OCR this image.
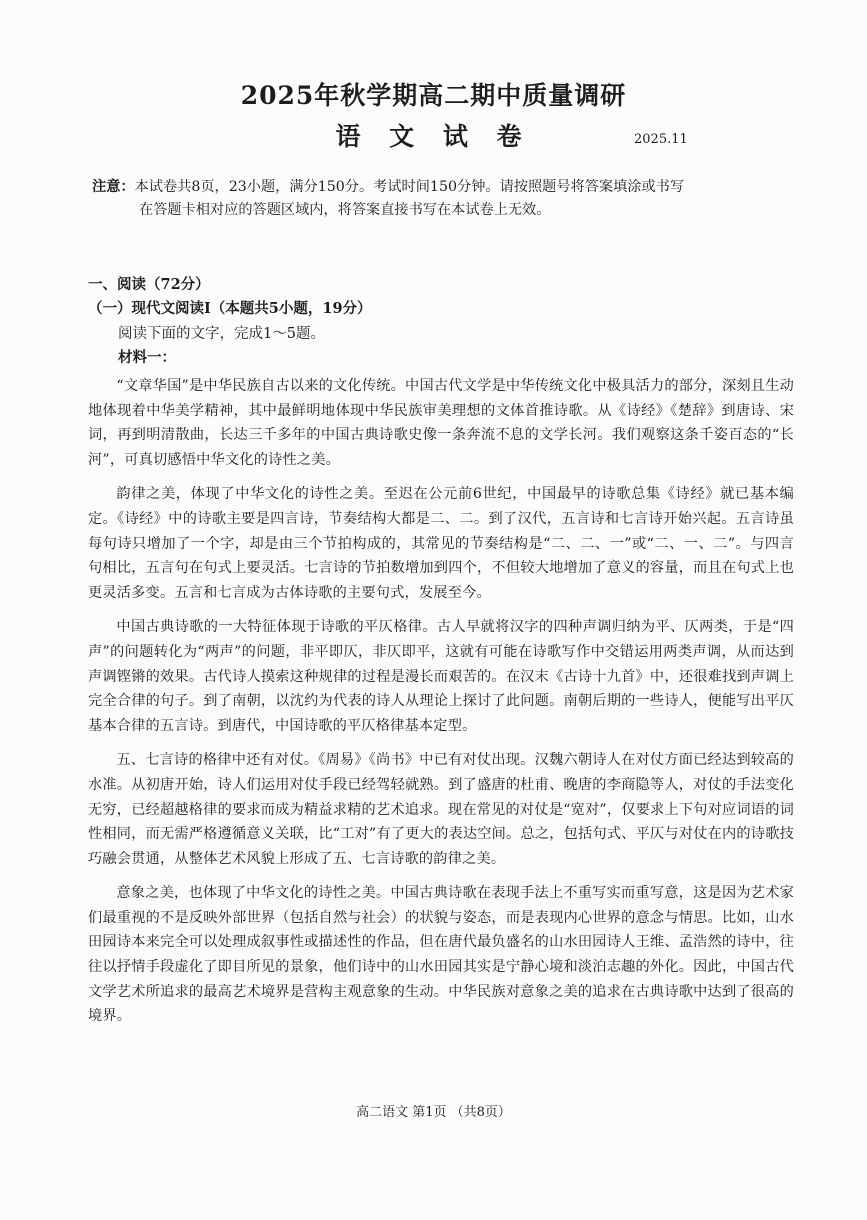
2025年秋学期高二期中质量调研
语 文 试 卷	2025.11
注意：本试卷共8页，23小题，满分150分。考试时间150分钟。请按照题号将答案填涂或书写
在答题卡相对应的答题区域内，将答案直接书写在本试卷上无效。
一、阅读（72分）
（一）现代文阅读Ⅰ（本题共5小题，19分）
阅读下面的文字，完成1～5题。
材料一：

“文章华国”是中华民族自古以来的文化传统。中国古代文学是中华传统文化中极具活力的部分，深刻且生动地体现着中华美学精神，其中最鲜明地体现中华民族审美理想的文体首推诗歌。从《诗经》《楚辞》到唐诗、宋词，再到明清散曲，长达三千多年的中国古典诗歌史像一条奔流不息的文学长河。我们观察这条千姿百态的“长河”，可真切感悟中华文化的诗性之美。

韵律之美，体现了中华文化的诗性之美。至迟在公元前6世纪，中国最早的诗歌总集《诗经》就已基本编定。《诗经》中的诗歌主要是四言诗，节奏结构大都是二、二。到了汉代，五言诗和七言诗开始兴起。五言诗虽每句诗只增加了一个字，却是由三个节拍构成的，其常见的节奏结构是“二、二、一”或“二、一、二”。与四言句相比，五言句在句式上要灵活。七言诗的节拍数增加到四个，不但较大地增加了意义的容量，而且在句式上也更灵活多变。五言和七言成为古体诗歌的主要句式，发展至今。

中国古典诗歌的一大特征体现于诗歌的平仄格律。古人早就将汉字的四种声调归纳为平、仄两类，于是“四声”的问题转化为“两声”的问题，非平即仄，非仄即平，这就有可能在诗歌写作中交错运用两类声调，从而达到声调铿锵的效果。古代诗人摸索这种规律的过程是漫长而艰苦的。在汉末《古诗十九首》中，还很难找到声调上完全合律的句子。到了南朝，以沈约为代表的诗人从理论上探讨了此问题。南朝后期的一些诗人，便能写出平仄基本合律的五言诗。到唐代，中国诗歌的平仄格律基本定型。

五、七言诗的格律中还有对仗。《周易》《尚书》中已有对仗出现。汉魏六朝诗人在对仗方面已经达到较高的水准。从初唐开始，诗人们运用对仗手段已经驾轻就熟。到了盛唐的杜甫、晚唐的李商隐等人，对仗的手法变化无穷，已经超越格律的要求而成为精益求精的艺术追求。现在常见的对仗是“宽对”，仅要求上下句对应词语的词性相同，而无需严格遵循意义关联，比“工对”有了更大的表达空间。总之，包括句式、平仄与对仗在内的诗歌技巧融会贯通，从整体艺术风貌上形成了五、七言诗歌的韵律之美。

意象之美，也体现了中华文化的诗性之美。中国古典诗歌在表现手法上不重写实而重写意，这是因为艺术家们最重视的不是反映外部世界（包括自然与社会）的状貌与姿态，而是表现内心世界的意念与情思。比如，山水田园诗本来完全可以处理成叙事性或描述性的作品，但在唐代最负盛名的山水田园诗人王维、孟浩然的诗中，往往以抒情手段虚化了即目所见的景象，他们诗中的山水田园其实是宁静心境和淡泊志趣的外化。因此，中国古代文学艺术所追求的最高艺术境界是营构主观意象的生动。中华民族对意象之美的追求在古典诗歌中达到了很高的境界。

高二语文 第1页 （共8页）
